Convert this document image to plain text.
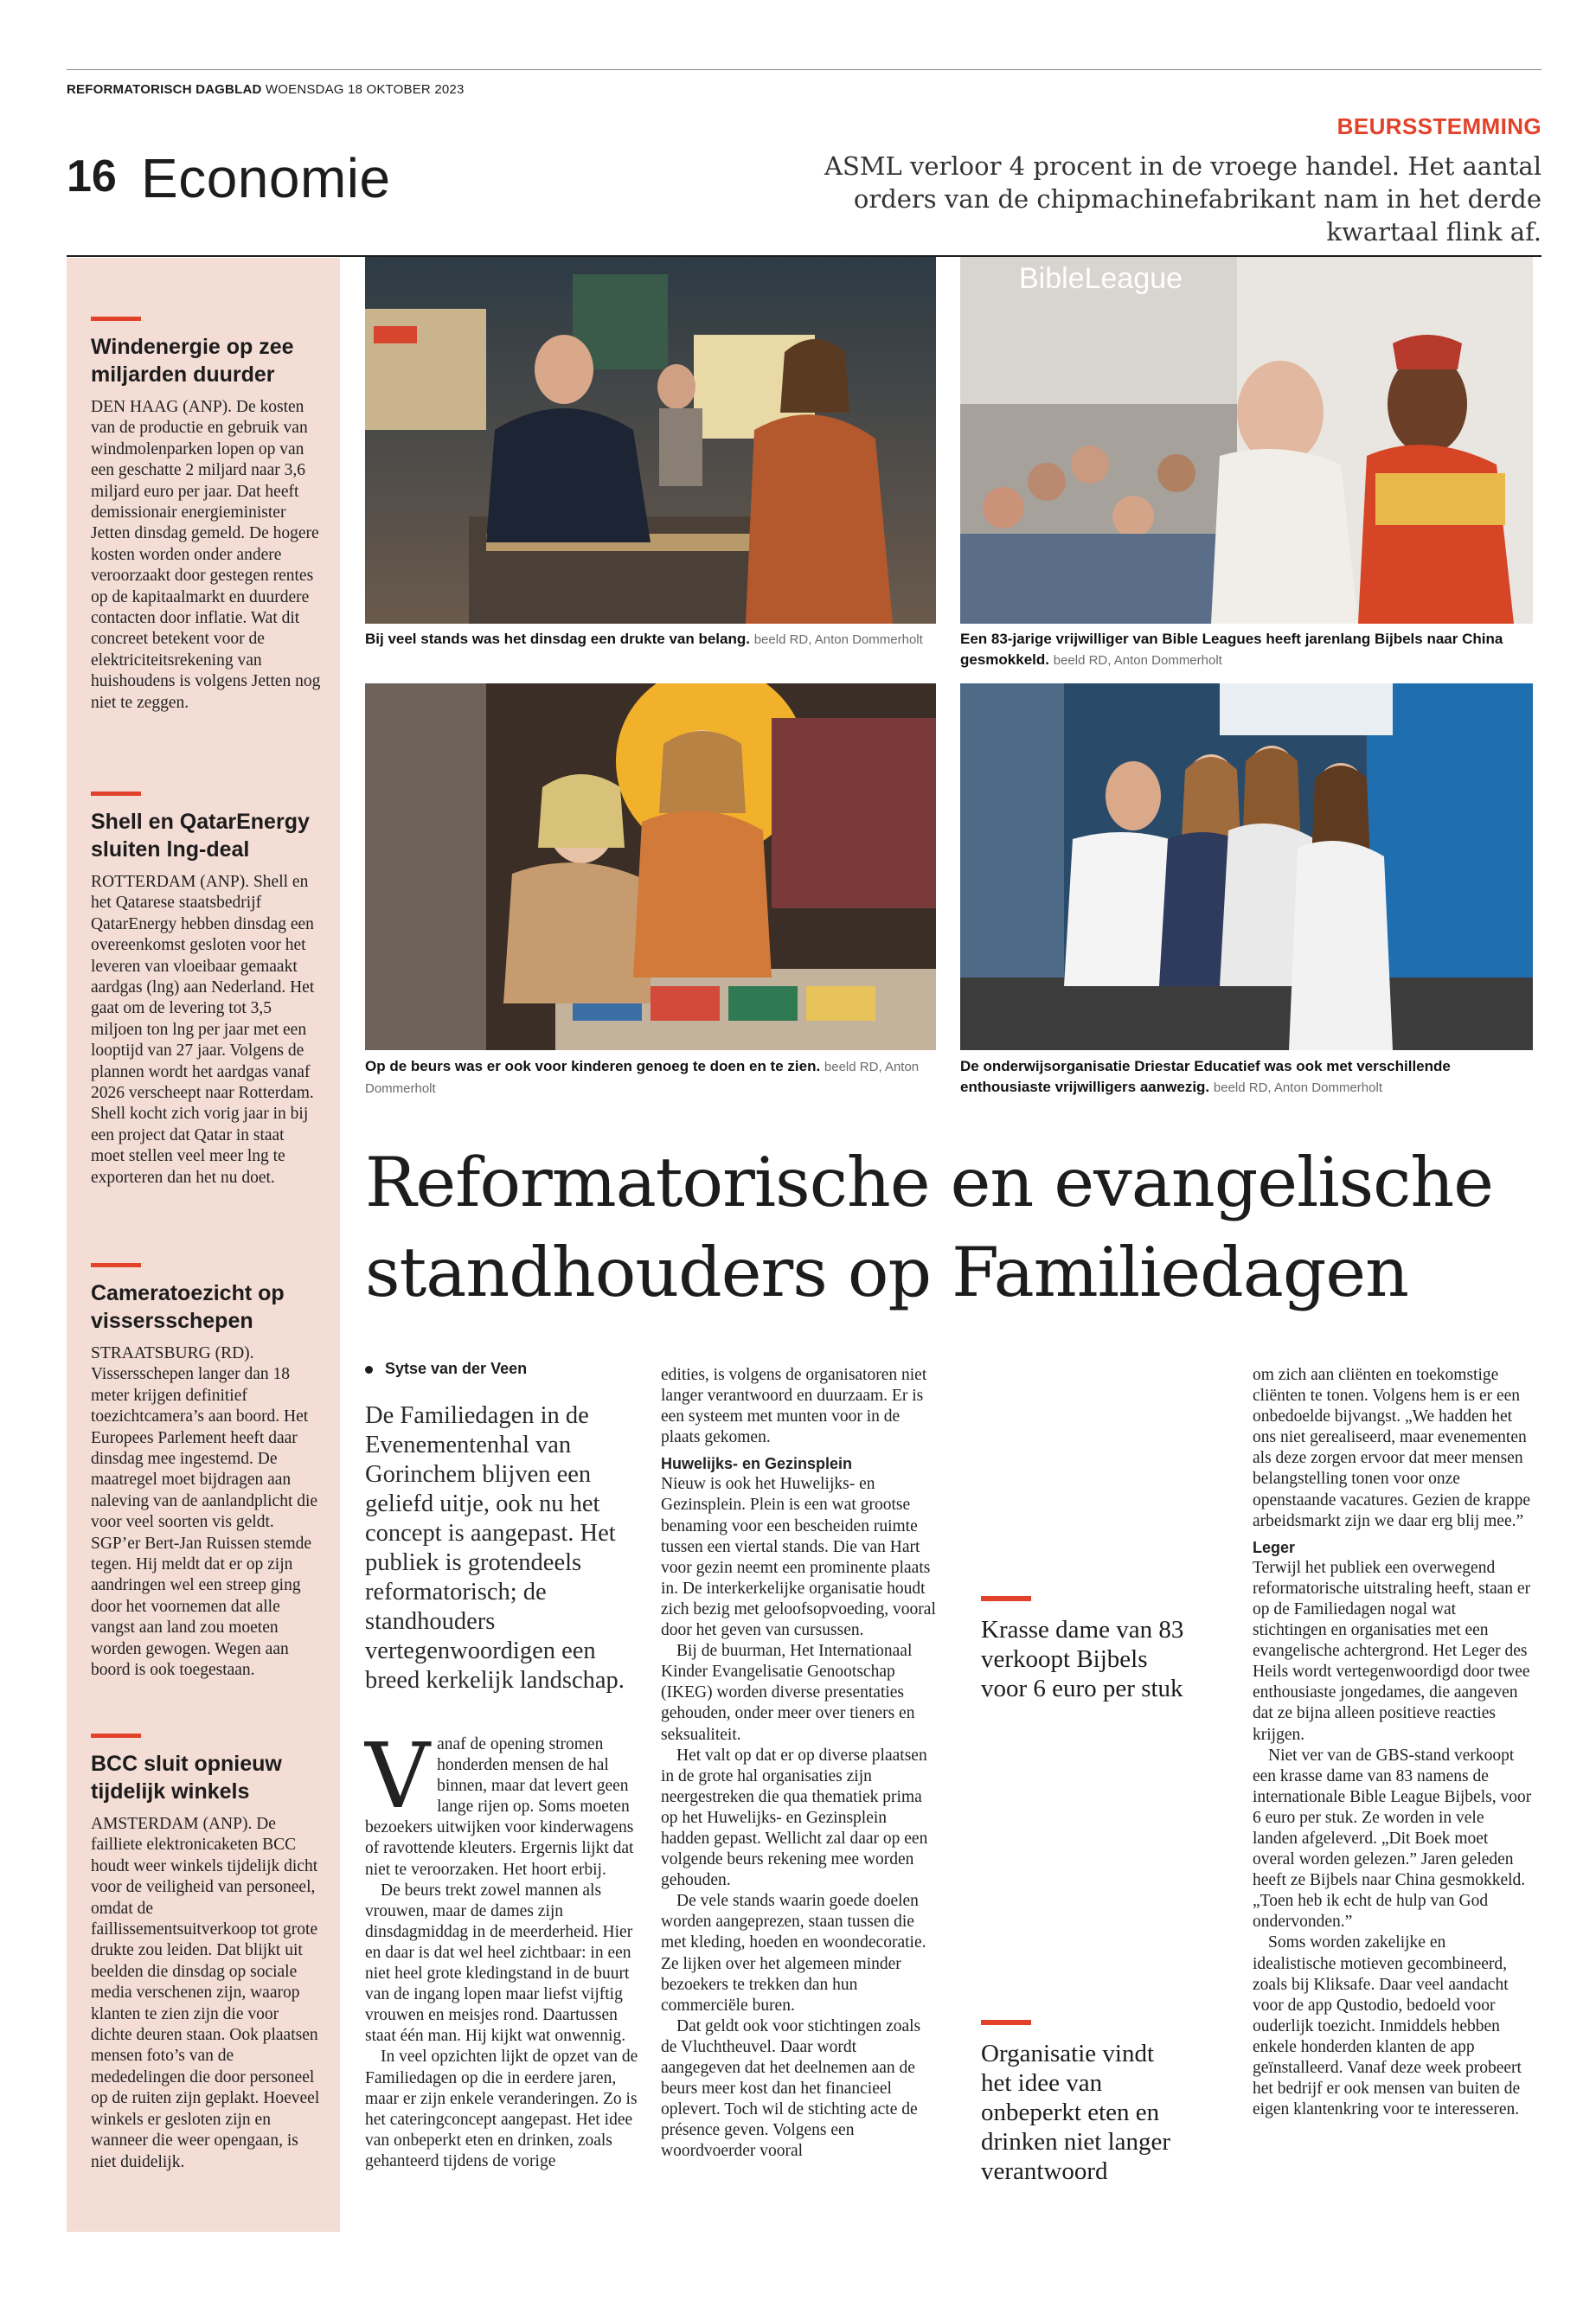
REFORMATORISCH DAGBLAD WOENSDAG 18 OKTOBER 2023
16 Economie
BEURSSTEMMING
ASML verloor 4 procent in de vroege handel. Het aantal orders van de chipmachinefabrikant nam in het derde kwartaal flink af.
Windenergie op zee miljarden duurder

DEN HAAG (ANP). De kosten van de productie en gebruik van windmolenparken lopen op van een geschatte 2 miljard naar 3,6 miljard euro per jaar. Dat heeft demissionair energieminister Jetten dinsdag gemeld. De hogere kosten worden onder andere veroorzaakt door gestegen rentes op de kapitaalmarkt en duurdere contacten door inflatie. Wat dit concreet betekent voor de elektriciteitsrekening van huishoudens is volgens Jetten nog niet te zeggen.

Shell en QatarEnergy sluiten lng-deal

ROTTERDAM (ANP). Shell en het Qatarese staatsbedrijf QatarEnergy hebben dinsdag een overeenkomst gesloten voor het leveren van vloeibaar gemaakt aardgas (lng) aan Nederland. Het gaat om de levering tot 3,5 miljoen ton lng per jaar met een looptijd van 27 jaar. Volgens de plannen wordt het aardgas vanaf 2026 verscheept naar Rotterdam. Shell kocht zich vorig jaar in bij een project dat Qatar in staat moet stellen veel meer lng te exporteren dan het nu doet.

Cameratoezicht op vissersschepen

STRAATSBURG (RD). Vissersschepen langer dan 18 meter krijgen definitief toezichtcamera’s aan boord. Het Europees Parlement heeft daar dinsdag mee ingestemd. De maatregel moet bijdragen aan naleving van de aanlandplicht die voor veel soorten vis geldt. SGP’er Bert-Jan Ruissen stemde tegen. Hij meldt dat er op zijn aandringen wel een streep ging door het voornemen dat alle vangst aan land zou moeten worden gewogen. Wegen aan boord is ook toegestaan.

BCC sluit opnieuw tijdelijk winkels

AMSTERDAM (ANP). De failliete elektronicaketen BCC houdt weer winkels tijdelijk dicht voor de veiligheid van personeel, omdat de faillissementsuitverkoop tot grote drukte zou leiden. Dat blijkt uit beelden die dinsdag op sociale media verschenen zijn, waarop klanten te zien zijn die voor dichte deuren staan. Ook plaatsen mensen foto’s van de mededelingen die door personeel op de ruiten zijn geplakt. Hoeveel winkels er gesloten zijn en wanneer die weer opengaan, is niet duidelijk.

Bij veel stands was het dinsdag een drukte van belang. beeld RD, Anton Dommerholt
BibleLeague
Een 83-jarige vrijwilliger van Bible Leagues heeft jarenlang Bijbels naar China gesmokkeld. beeld RD, Anton Dommerholt
Op de beurs was er ook voor kinderen genoeg te doen en te zien. beeld RD, Anton Dommerholt
De onderwijsorganisatie Driestar Educatief was ook met verschillende enthousiaste vrijwilligers aanwezig. beeld RD, Anton Dommerholt
Reformatorische en evangelische standhouders op Familiedagen
Sytse van der Veen
De Familiedagen in de Evenementenhal van Gorinchem blijven een geliefd uitje, ook nu het concept is aangepast. Het publiek is grotendeels reformatorisch; de standhouders vertegenwoordigen een breed kerkelijk landschap.
V anaf de opening stromen honderden mensen de hal binnen, maar dat levert geen lange rijen op. Soms moeten bezoekers uitwijken voor kinderwagens of ravottende kleuters. Ergernis lijkt dat niet te veroorzaken. Het hoort erbij.

De beurs trekt zowel mannen als vrouwen, maar de dames zijn dinsdagmiddag in de meerderheid. Hier en daar is dat wel heel zichtbaar: in een niet heel grote kledingstand in de buurt van de ingang lopen maar liefst vijftig vrouwen en meisjes rond. Daartussen staat één man. Hij kijkt wat onwennig.

In veel opzichten lijkt de opzet van de Familiedagen op die in eerdere jaren, maar er zijn enkele veranderingen. Zo is het cateringconcept aangepast. Het idee van onbeperkt eten en drinken, zoals gehanteerd tijdens de vorige

edities, is volgens de organisatoren niet langer verantwoord en duurzaam. Er is een systeem met munten voor in de plaats gekomen.

Huwelijks- en Gezinsplein

Nieuw is ook het Huwelijks- en Gezinsplein. Plein is een wat grootse benaming voor een bescheiden ruimte tussen een viertal stands. Die van Hart voor gezin neemt een prominente plaats in. De interkerkelijke organisatie houdt zich bezig met geloofsopvoeding, vooral door het geven van cursussen.

Bij de buurman, Het Internationaal Kinder Evangelisatie Genootschap (IKEG) worden diverse presentaties gehouden, onder meer over tieners en seksualiteit.

Het valt op dat er op diverse plaatsen in de grote hal organisaties zijn neergestreken die qua thematiek prima op het Huwelijks- en Gezinsplein hadden gepast. Wellicht zal daar op een volgende beurs rekening mee worden gehouden.

De vele stands waarin goede doelen worden aangeprezen, staan tussen die met kleding, hoeden en woondecoratie. Ze lijken over het algemeen minder bezoekers te trekken dan hun commerciële buren.

Dat geldt ook voor stichtingen zoals de Vluchtheuvel. Daar wordt aangegeven dat het deelnemen aan de beurs meer kost dan het financieel oplevert. Toch wil de stichting acte de présence geven. Volgens een woordvoerder vooral

Krasse dame van 83 verkoopt Bijbels voor 6 euro per stuk
Organisatie vindt het idee van onbeperkt eten en drinken niet langer verantwoord

om zich aan cliënten en toekomstige cliënten te tonen. Volgens hem is er een onbedoelde bijvangst. „We hadden het ons niet gerealiseerd, maar evenementen als deze zorgen ervoor dat meer mensen belangstelling tonen voor onze openstaande vacatures. Gezien de krappe arbeidsmarkt zijn we daar erg blij mee.”

Leger

Terwijl het publiek een overwegend reformatorische uitstraling heeft, staan er op de Familiedagen nogal wat stichtingen en organisaties met een evangelische achtergrond. Het Leger des Heils wordt vertegenwoordigd door twee enthousiaste jongedames, die aangeven dat ze bijna alleen positieve reacties krijgen.

Niet ver van de GBS-stand verkoopt een krasse dame van 83 namens de internationale Bible League Bijbels, voor 6 euro per stuk. Ze worden in vele landen afgeleverd. „Dit Boek moet overal worden gelezen.” Jaren geleden heeft ze Bijbels naar China gesmokkeld. „Toen heb ik echt de hulp van God ondervonden.”

Soms worden zakelijke en idealistische motieven gecombineerd, zoals bij Kliksafe. Daar veel aandacht voor de app Qustodio, bedoeld voor ouderlijk toezicht. Inmiddels hebben enkele honderden klanten de app geïnstalleerd. Vanaf deze week probeert het bedrijf er ook mensen van buiten de eigen klantenkring voor te interesseren.
